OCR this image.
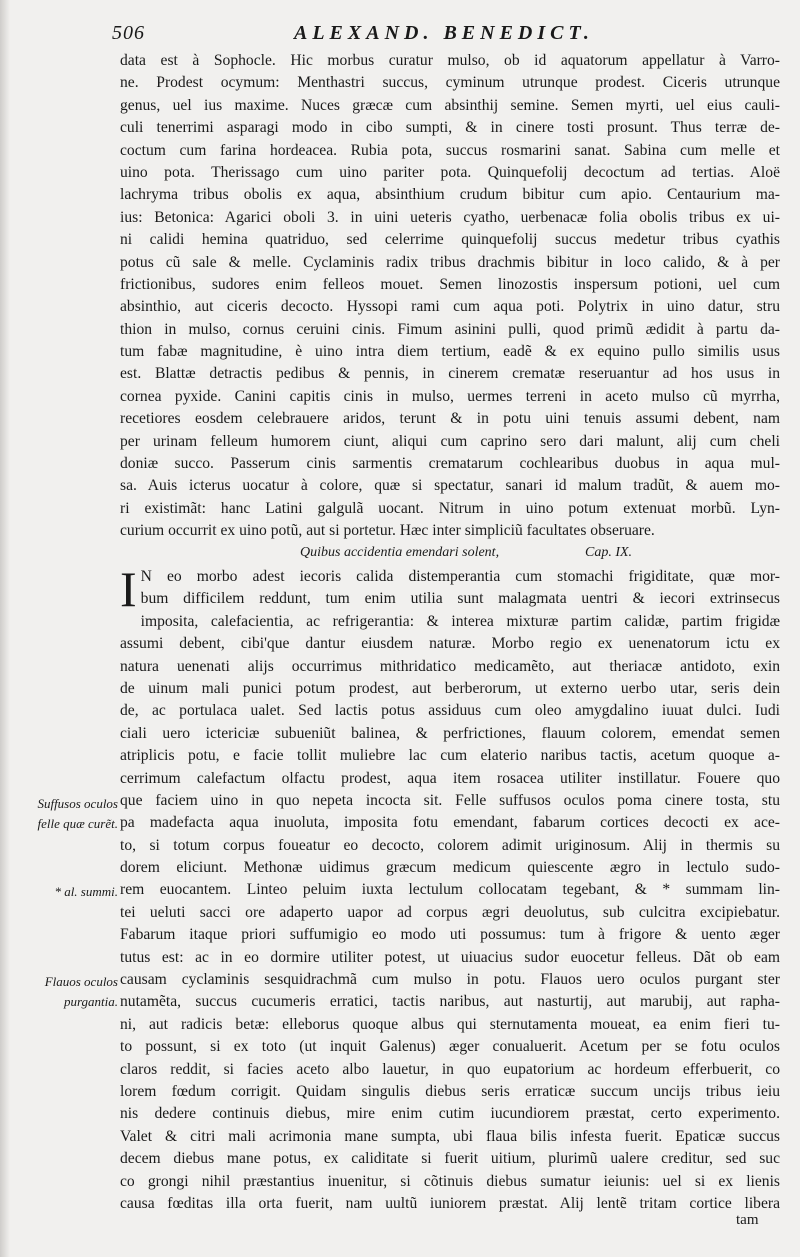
506	ALEXAND. BENEDICT.
data est à Sophocle. Hic morbus curatur mulso, ob id aquatorum appellatur à Varro-
ne. Prodest ocymum: Menthastri succus, cyminum utrunque prodest. Ciceris utrunque
genus, uel ius maxime. Nuces græcæ cum absinthij semine. Semen myrti, uel eius cauli-
culi tenerrimi asparagi modo in cibo sumpti, & in cinere tosti prosunt. Thus terræ de-
coctum cum farina hordeacea. Rubia pota, succus rosmarini sanat. Sabina cum melle et
uino pota. Therissago cum uino pariter pota. Quinquefolij decoctum ad tertias. Aloë
lachryma tribus obolis ex aqua, absinthium crudum bibitur cum apio. Centaurium ma-
ius: Betonica: Agarici oboli 3. in uini ueteris cyatho, uerbenacæ folia obolis tribus ex ui-
ni calidi hemina quatriduo, sed celerrime quinquefolij succus medetur tribus cyathis
potus cũ sale & melle. Cyclaminis radix tribus drachmis bibitur in loco calido, & à per
frictionibus, sudores enim felleos mouet. Semen linozostis inspersum potioni, uel cum
absinthio, aut ciceris decocto. Hyssopi rami cum aqua poti. Polytrix in uino datur, stru
thion in mulso, cornus ceruini cinis. Fimum asinini pulli, quod primũ ædidit à partu da-
tum fabæ magnitudine, è uino intra diem tertium, eadẽ & ex equino pullo similis usus
est. Blattæ detractis pedibus & pennis, in cinerem crematæ reseruantur ad hos usus in
cornea pyxide. Canini capitis cinis in mulso, uermes terreni in aceto mulso cũ myrrha,
recetiores eosdem celebrauere aridos, terunt & in potu uini tenuis assumi debent, nam
per urinam felleum humorem ciunt, aliqui cum caprino sero dari malunt, alij cum cheli
doniæ succo. Passerum cinis sarmentis crematarum cochlearibus duobus in aqua mul-
sa. Auis icterus uocatur à colore, quæ si spectatur, sanari id malum tradũt, & auem mo-
ri existimãt: hanc Latini galgulã uocant. Nitrum in uino potum extenuat morbũ. Lyn-
curium occurrit ex uino potũ, aut si portetur. Hæc inter simpliciũ facultates obseruare.
Quibus accidentia emendari solent,	Cap. IX.
I N eo morbo adest iecoris calida distemperantia cum stomachi frigiditate, quæ mor-
bum difficilem reddunt, tum enim utilia sunt malagmata uentri & iecori extrinsecus
imposita, calefacientia, ac refrigerantia: & interea mixturæ partim calidæ, partim frigidæ
assumi debent, cibi'que dantur eiusdem naturæ. Morbo regio ex uenenatorum ictu ex
natura uenenati alijs occurrimus mithridatico medicamẽto, aut theriacæ antidoto, exin
de uinum mali punici potum prodest, aut berberorum, ut externo uerbo utar, seris dein
de, ac portulaca ualet. Sed lactis potus assiduus cum oleo amygdalino iuuat dulci. Iudi
ciali uero ictericiæ subueniũt balinea, & perfrictiones, flauum colorem, emendat semen
atriplicis potu, e facie tollit muliebre lac cum elaterio naribus tactis, acetum quoque a-
cerrimum calefactum olfactu prodest, aqua item rosacea utiliter instillatur. Fouere quo
que faciem uino in quo nepeta incocta sit. Felle suffusos oculos poma cinere tosta, stu
pa madefacta aqua inuoluta, imposita fotu emendant, fabarum cortices decocti ex ace-
to, si totum corpus foueatur eo decocto, colorem adimit uriginosum. Alij in thermis su
dorem eliciunt. Methonæ uidimus græcum medicum quiescente ægro in lectulo sudo-
rem euocantem. Linteo peluim iuxta lectulum collocatam tegebant, & * summam lin-
tei ueluti sacci ore adaperto uapor ad corpus ægri deuolutus, sub culcitra excipiebatur.
Fabarum itaque priori suffumigio eo modo uti possumus: tum à frigore & uento æger
tutus est: ac in eo dormire utiliter potest, ut uiuacius sudor euocetur felleus. Dãt ob eam
causam cyclaminis sesquidrachmã cum mulso in potu. Flauos uero oculos purgant ster
nutamẽta, succus cucumeris erratici, tactis naribus, aut nasturtij, aut marubij, aut rapha-
ni, aut radicis betæ: elleborus quoque albus qui sternutamenta moueat, ea enim fieri tu-
to possunt, si ex toto (ut inquit Galenus) æger conualuerit. Acetum per se fotu oculos
claros reddit, si facies aceto albo lauetur, in quo eupatorium ac hordeum efferbuerit, co
lorem fœdum corrigit. Quidam singulis diebus seris erraticæ succum uncijs tribus ieiu
nis dedere continuis diebus, mire enim cutim iucundiorem præstat, certo experimento.
Valet & citri mali acrimonia mane sumpta, ubi flaua bilis infesta fuerit. Epaticæ succus
decem diebus mane potus, ex caliditate si fuerit uitium, plurimũ ualere creditur, sed suc
co grongi nihil præstantius inuenitur, si cõtinuis diebus sumatur ieiunis: uel si ex lienis
causa fœditas illa orta fuerit, nam uultũ iuniorem præstat. Alij lentẽ tritam cortice libera
Suffusos oculos
felle quæ curẽt.
* al. summi.
Flauos oculos
purgantia.
tam
